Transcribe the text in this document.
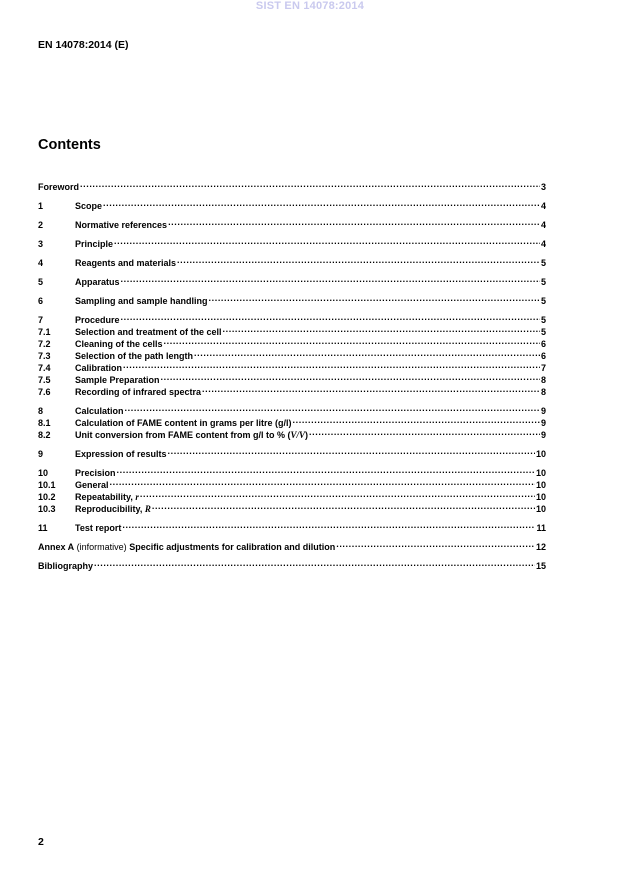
SIST EN 14078:2014
EN 14078:2014 (E)
Contents
Foreword .....	3
1	Scope .....	4
2	Normative references .....	4
3	Principle .....	4
4	Reagents and materials .....	5
5	Apparatus .....	5
6	Sampling and sample handling .....	5
7	Procedure .....	5
7.1	Selection and treatment of the cell .....	5
7.2	Cleaning of the cells .....	6
7.3	Selection of the path length .....	6
7.4	Calibration .....	7
7.5	Sample Preparation .....	8
7.6	Recording of infrared spectra .....	8
8	Calculation .....	9
8.1	Calculation of FAME content in grams per litre (g/l) .....	9
8.2	Unit conversion from FAME content from g/l to % (V/V) .....	9
9	Expression of results .....	10
10	Precision .....	10
10.1	General .....	10
10.2	Repeatability, r .....	10
10.3	Reproducibility, R .....	10
11	Test report .....	11
Annex A (informative) Specific adjustments for calibration and dilution .....	12
Bibliography .....	15
2
